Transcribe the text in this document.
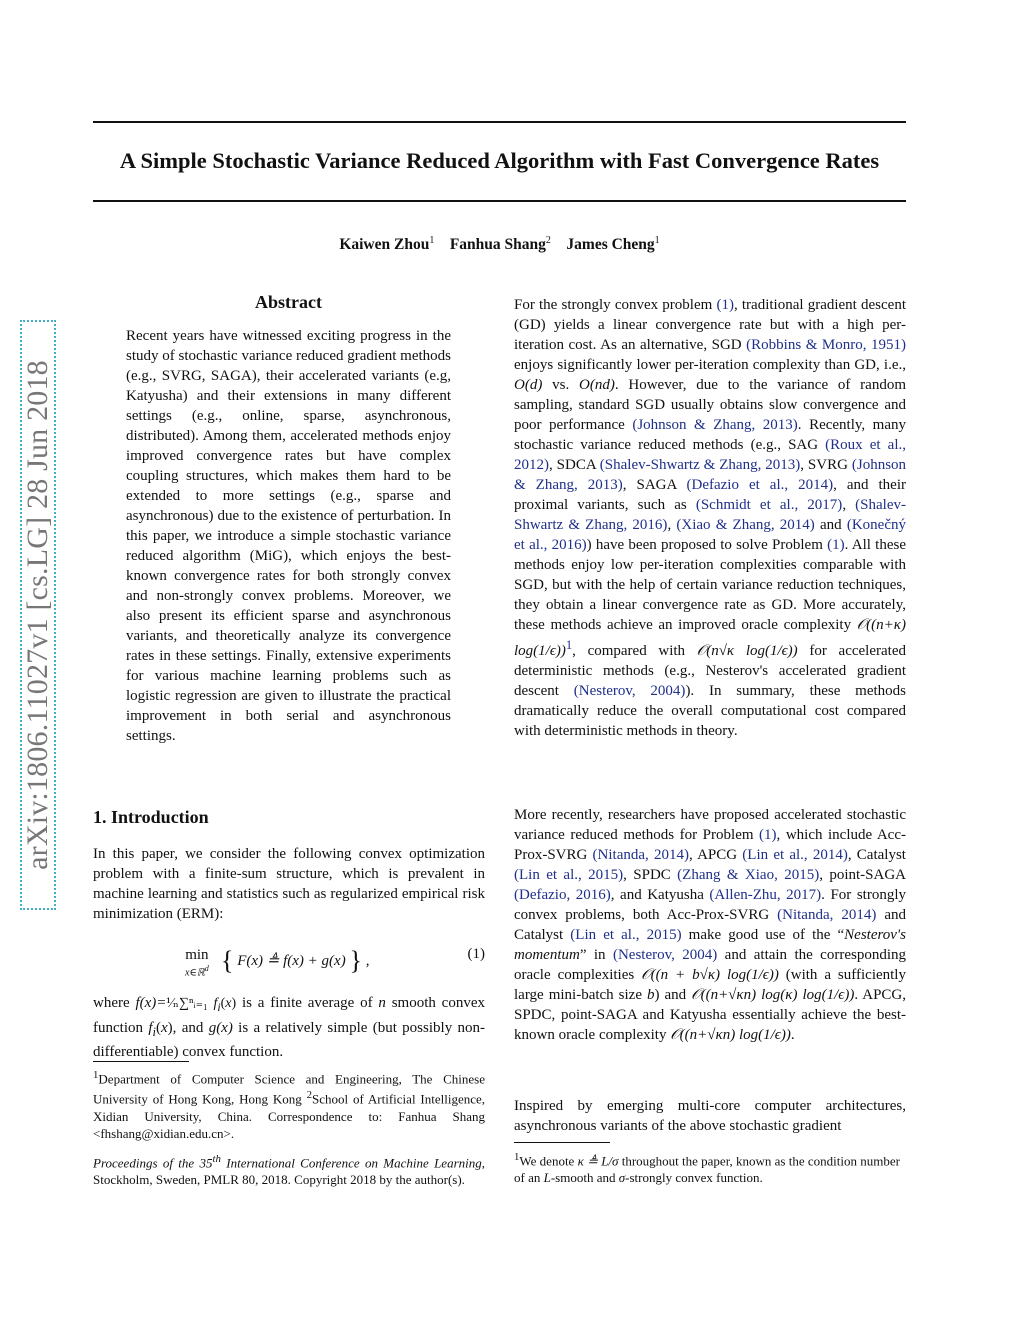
A Simple Stochastic Variance Reduced Algorithm with Fast Convergence Rates
Kaiwen Zhou$^1$ Fanhua Shang$^2$ James Cheng$^1$
arXiv:1806.11027v1 [cs.LG] 28 Jun 2018
Abstract
Recent years have witnessed exciting progress in the study of stochastic variance reduced gradient methods (e.g., SVRG, SAGA), their accelerated variants (e.g, Katyusha) and their extensions in many different settings (e.g., online, sparse, asynchronous, distributed). Among them, accelerated methods enjoy improved convergence rates but have complex coupling structures, which makes them hard to be extended to more settings (e.g., sparse and asynchronous) due to the existence of perturbation. In this paper, we introduce a simple stochastic variance reduced algorithm (MiG), which enjoys the best-known convergence rates for both strongly convex and non-strongly convex problems. Moreover, we also present its efficient sparse and asynchronous variants, and theoretically analyze its convergence rates in these settings. Finally, extensive experiments for various machine learning problems such as logistic regression are given to illustrate the practical improvement in both serial and asynchronous settings.
1. Introduction
In this paper, we consider the following convex optimization problem with a finite-sum structure, which is prevalent in machine learning and statistics such as regularized empirical risk minimization (ERM):
min
x∈ℝ$^d$ { F(x) ≜ f(x) + g(x) } ,	(1)
where f(x)=¹⁄ₙ∑ⁿᵢ₌₁ $f_i(x)$ is a finite average of n smooth convex function $f_i(x)$, and g(x) is a relatively simple (but possibly non-differentiable) convex function.
$^1$Department of Computer Science and Engineering, The Chinese University of Hong Kong, Hong Kong $^2$School of Artificial Intelligence, Xidian University, China. Correspondence to: Fanhua Shang <fhshang@xidian.edu.cn>.
Proceedings of the 35th International Conference on Machine Learning, Stockholm, Sweden, PMLR 80, 2018. Copyright 2018 by the author(s).
For the strongly convex problem (1), traditional gradient descent (GD) yields a linear convergence rate but with a high per-iteration cost. As an alternative, SGD (Robbins & Monro, 1951) enjoys significantly lower per-iteration complexity than GD, i.e., O(d) vs. O(nd). However, due to the variance of random sampling, standard SGD usually obtains slow convergence and poor performance (Johnson & Zhang, 2013). Recently, many stochastic variance reduced methods (e.g., SAG (Roux et al., 2012), SDCA (Shalev-Shwartz & Zhang, 2013), SVRG (Johnson & Zhang, 2013), SAGA (Defazio et al., 2014), and their proximal variants, such as (Schmidt et al., 2017), (Shalev-Shwartz & Zhang, 2016), (Xiao & Zhang, 2014) and (Konečný et al., 2016)) have been proposed to solve Problem (1). All these methods enjoy low per-iteration complexities comparable with SGD, but with the help of certain variance reduction techniques, they obtain a linear convergence rate as GD. More accurately, these methods achieve an improved oracle complexity 𝒪((n+κ) log(1/ϵ))$^1$, compared with 𝒪(n√κ log(1/ϵ)) for accelerated deterministic methods (e.g., Nesterov's accelerated gradient descent (Nesterov, 2004)). In summary, these methods dramatically reduce the overall computational cost compared with deterministic methods in theory.
More recently, researchers have proposed accelerated stochastic variance reduced methods for Problem (1), which include Acc-Prox-SVRG (Nitanda, 2014), APCG (Lin et al., 2014), Catalyst (Lin et al., 2015), SPDC (Zhang & Xiao, 2015), point-SAGA (Defazio, 2016), and Katyusha (Allen-Zhu, 2017). For strongly convex problems, both Acc-Prox-SVRG (Nitanda, 2014) and Catalyst (Lin et al., 2015) make good use of the “Nesterov's momentum” in (Nesterov, 2004) and attain the corresponding oracle complexities 𝒪((n + b√κ) log(1/ϵ)) (with a sufficiently large mini-batch size b) and 𝒪((n+√κn) log(κ) log(1/ϵ)). APCG, SPDC, point-SAGA and Katyusha essentially achieve the best-known oracle complexity 𝒪((n+√κn) log(1/ϵ)).
Inspired by emerging multi-core computer architectures, asynchronous variants of the above stochastic gradient
$^1$We denote κ ≜ L/σ throughout the paper, known as the condition number of an L-smooth and σ-strongly convex function.
